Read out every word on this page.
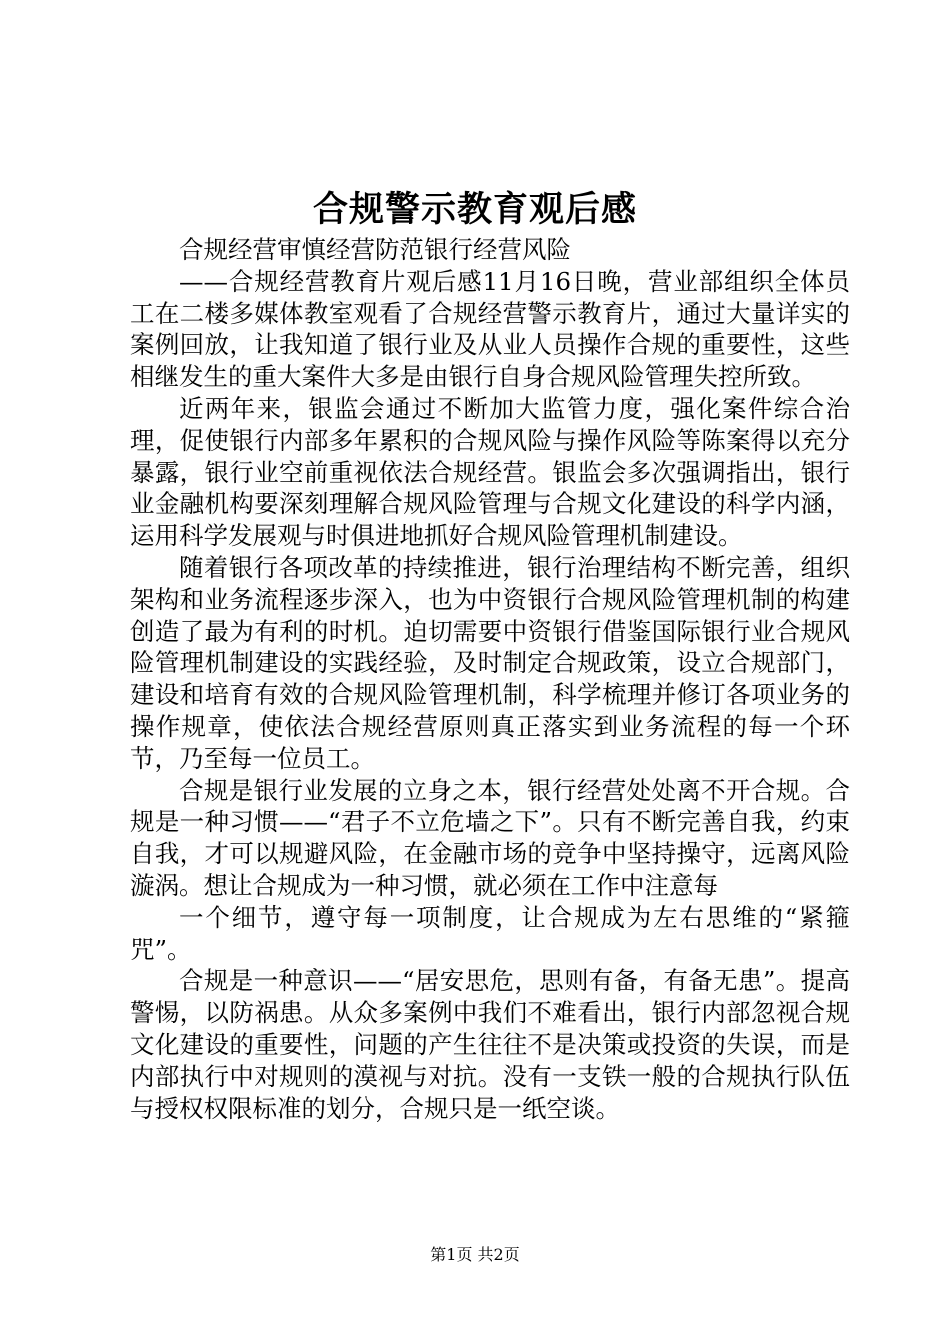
合规警示教育观后感

合规经营审慎经营防范银行经营风险

——合规经营教育片观后感11月16日晚，营业部组织全体员工在二楼多媒体教室观看了合规经营警示教育片，通过大量详实的案例回放，让我知道了银行业及从业人员操作合规的重要性，这些相继发生的重大案件大多是由银行自身合规风险管理失控所致。

近两年来，银监会通过不断加大监管力度，强化案件综合治理，促使银行内部多年累积的合规风险与操作风险等陈案得以充分暴露，银行业空前重视依法合规经营。银监会多次强调指出，银行业金融机构要深刻理解合规风险管理与合规文化建设的科学内涵，运用科学发展观与时俱进地抓好合规风险管理机制建设。

随着银行各项改革的持续推进，银行治理结构不断完善，组织架构和业务流程逐步深入，也为中资银行合规风险管理机制的构建创造了最为有利的时机。迫切需要中资银行借鉴国际银行业合规风险管理机制建设的实践经验，及时制定合规政策，设立合规部门，建设和培育有效的合规风险管理机制，科学梳理并修订各项业务的操作规章，使依法合规经营原则真正落实到业务流程的每一个环节，乃至每一位员工。

合规是银行业发展的立身之本，银行经营处处离不开合规。合规是一种习惯——“君子不立危墙之下”。只有不断完善自我，约束自我，才可以规避风险，在金融市场的竞争中坚持操守，远离风险漩涡。想让合规成为一种习惯，就必须在工作中注意每

一个细节，遵守每一项制度，让合规成为左右思维的“紧箍咒”。

合规是一种意识——“居安思危，思则有备，有备无患”。提高警惕，以防祸患。从众多案例中我们不难看出，银行内部忽视合规文化建设的重要性，问题的产生往往不是决策或投资的失误，而是内部执行中对规则的漠视与对抗。没有一支铁一般的合规执行队伍与授权权限标准的划分，合规只是一纸空谈。

第1页 共2页
